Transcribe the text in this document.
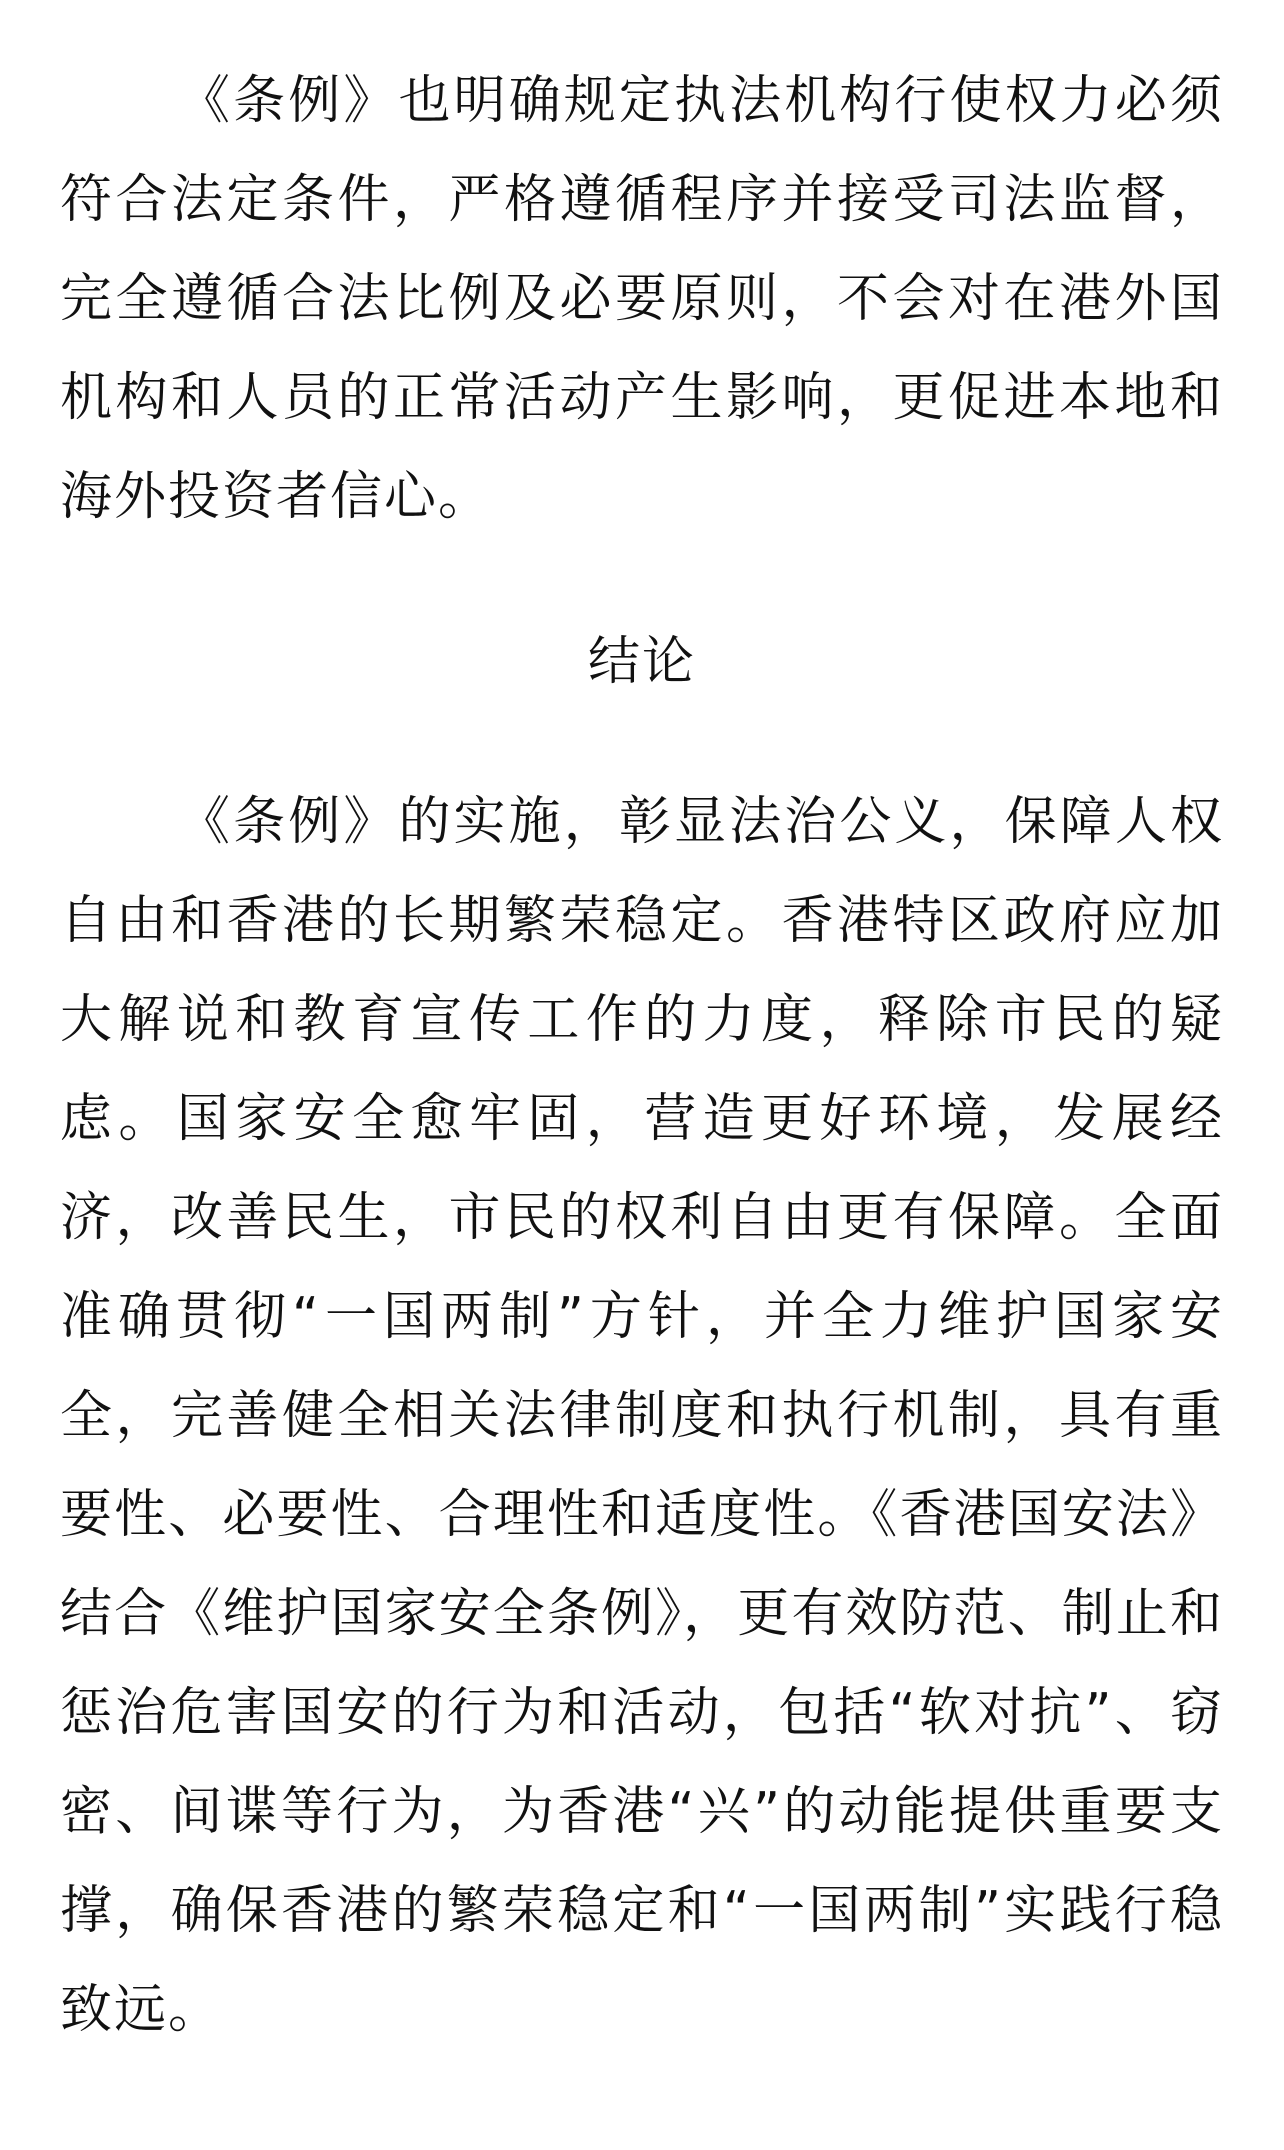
《条例》也明确规定执法机构行使权力必须符合法定条件，严格遵循程序并接受司法监督，完全遵循合法比例及必要原则，不会对在港外国机构和人员的正常活动产生影响，更促进本地和海外投资者信心。

结论

《条例》的实施，彰显法治公义，保障人权自由和香港的长期繁荣稳定。香港特区政府应加大解说和教育宣传工作的力度，释除市民的疑虑。国家安全愈牢固，营造更好环境，发展经济，改善民生，市民的权利自由更有保障。全面准确贯彻“一国两制”方针，并全力维护国家安全，完善健全相关法律制度和执行机制，具有重要性、必要性、合理性和适度性。《香港国安法》结合《维护国家安全条例》，更有效防范、制止和惩治危害国安的行为和活动，包括“软对抗”、窃密、间谍等行为，为香港“兴”的动能提供重要支撑，确保香港的繁荣稳定和“一国两制”实践行稳致远。
